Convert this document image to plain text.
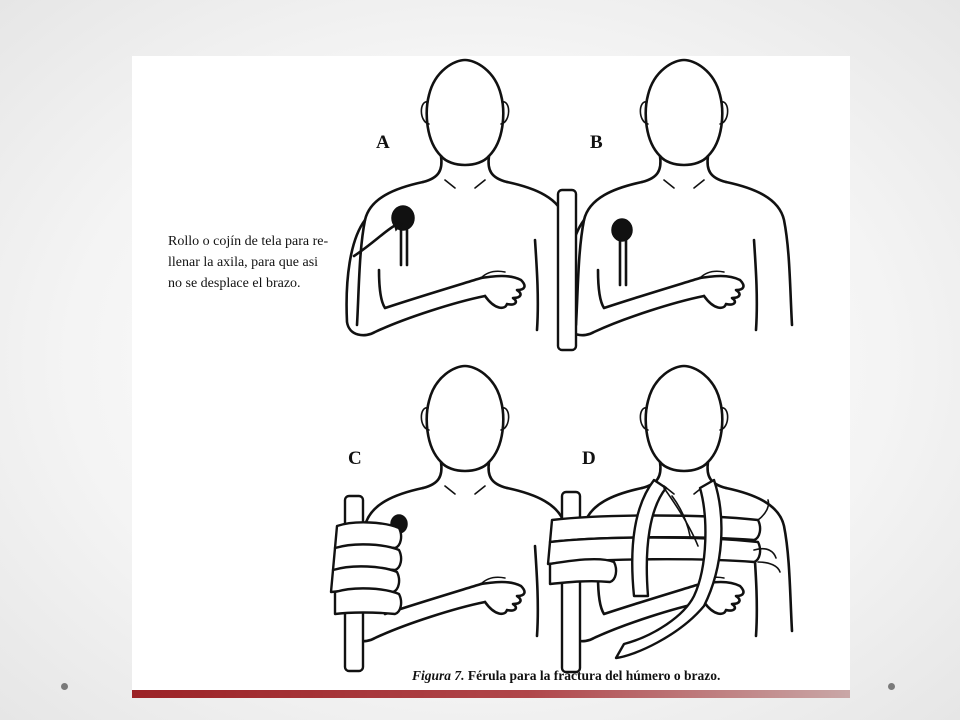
A	B
C	D
Rollo o cojín de tela para re-
llenar la axila, para que asi
no se desplace el brazo.
Figura 7. Férula para la fractura del húmero o brazo.
